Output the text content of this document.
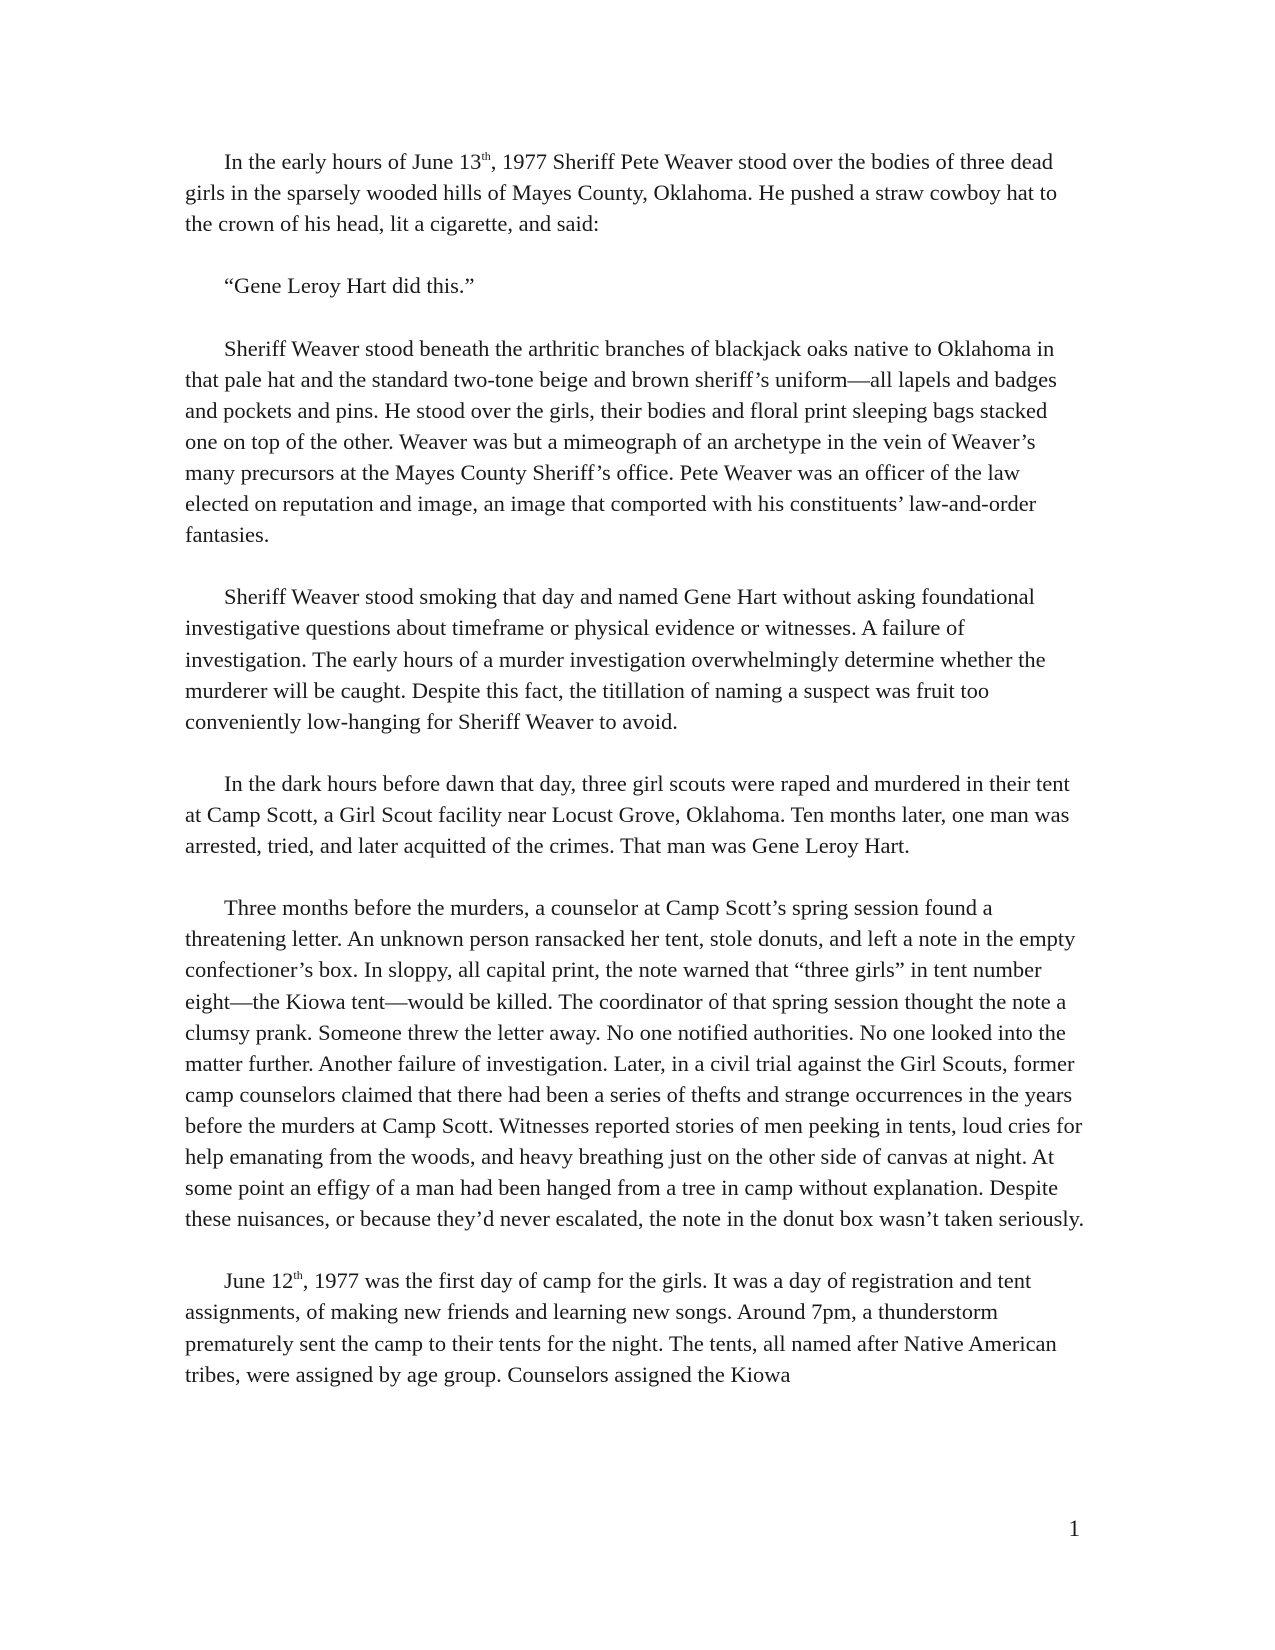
In the early hours of June 13th, 1977 Sheriff Pete Weaver stood over the bodies of three dead girls in the sparsely wooded hills of Mayes County, Oklahoma. He pushed a straw cowboy hat to the crown of his head, lit a cigarette, and said:

“Gene Leroy Hart did this.”

Sheriff Weaver stood beneath the arthritic branches of blackjack oaks native to Oklahoma in that pale hat and the standard two-tone beige and brown sheriff’s uniform—all lapels and badges and pockets and pins. He stood over the girls, their bodies and floral print sleeping bags stacked one on top of the other. Weaver was but a mimeograph of an archetype in the vein of Weaver’s many precursors at the Mayes County Sheriff’s office. Pete Weaver was an officer of the law elected on reputation and image, an image that comported with his constituents’ law-and-order fantasies.

Sheriff Weaver stood smoking that day and named Gene Hart without asking foundational investigative questions about timeframe or physical evidence or witnesses. A failure of investigation. The early hours of a murder investigation overwhelmingly determine whether the murderer will be caught. Despite this fact, the titillation of naming a suspect was fruit too conveniently low-hanging for Sheriff Weaver to avoid.

In the dark hours before dawn that day, three girl scouts were raped and murdered in their tent at Camp Scott, a Girl Scout facility near Locust Grove, Oklahoma. Ten months later, one man was arrested, tried, and later acquitted of the crimes. That man was Gene Leroy Hart.

Three months before the murders, a counselor at Camp Scott’s spring session found a threatening letter. An unknown person ransacked her tent, stole donuts, and left a note in the empty confectioner’s box. In sloppy, all capital print, the note warned that “three girls” in tent number eight—the Kiowa tent—would be killed. The coordinator of that spring session thought the note a clumsy prank. Someone threw the letter away. No one notified authorities. No one looked into the matter further. Another failure of investigation. Later, in a civil trial against the Girl Scouts, former camp counselors claimed that there had been a series of thefts and strange occurrences in the years before the murders at Camp Scott. Witnesses reported stories of men peeking in tents, loud cries for help emanating from the woods, and heavy breathing just on the other side of canvas at night. At some point an effigy of a man had been hanged from a tree in camp without explanation. Despite these nuisances, or because they’d never escalated, the note in the donut box wasn’t taken seriously.

June 12th, 1977 was the first day of camp for the girls. It was a day of registration and tent assignments, of making new friends and learning new songs. Around 7pm, a thunderstorm prematurely sent the camp to their tents for the night. The tents, all named after Native American tribes, were assigned by age group. Counselors assigned the Kiowa

1
